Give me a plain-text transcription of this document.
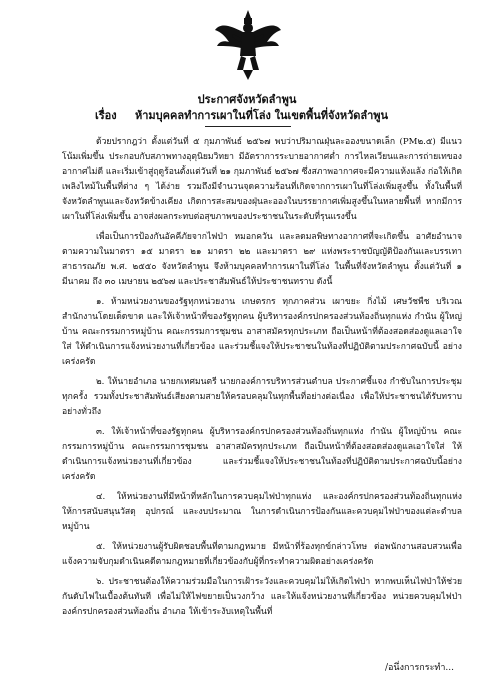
ประกาศจังหวัดลำพูน
เรื่อง ห้ามบุคคลทำการเผาในที่โล่ง ในเขตพื้นที่จังหวัดลำพูน

ด้วยปรากฎว่า ตั้งแต่วันที่ ๕ กุมภาพันธ์ ๒๕๖๗ พบว่าปริมาณฝุ่นละอองขนาดเล็ก (PM๒.๕) มีแนวโน้มเพิ่มขึ้น ประกอบกับสภาพทางอุตุนิยมวิทยา มีอัตราการระบายอากาศต่ำ การไหลเวียนและการถ่ายเทของอากาศไม่ดี และเริ่มเข้าสู่ฤดูร้อนตั้งแต่วันที่ ๒๑ กุมภาพันธ์ ๒๕๖๗ ซึ่งสภาพอากาศจะมีความแห้งแล้ง ก่อให้เกิดเพลิงไหม้ในพื้นที่ต่าง ๆ ได้ง่าย รวมถึงมีจำนวนจุดความร้อนที่เกิดจากการเผาในที่โล่งเพิ่มสูงขึ้น ทั้งในพื้นที่จังหวัดลำพูนและจังหวัดข้างเคียง เกิดการสะสมของฝุ่นละอองในบรรยากาศเพิ่มสูงขึ้นในหลายพื้นที่ หากมีการเผาในที่โล่งเพิ่มขึ้น อาจส่งผลกระทบต่อสุขภาพของประชาชนในระดับที่รุนแรงขึ้น

เพื่อเป็นการป้องกันอัคคีภัยจากไฟป่า หมอกควัน และลดมลพิษทางอากาศที่จะเกิดขึ้น อาศัยอำนาจตามความในมาตรา ๑๕ มาตรา ๒๑ มาตรา ๒๒ และมาตรา ๒๙ แห่งพระราชบัญญัติป้องกันและบรรเทาสาธารณภัย พ.ศ. ๒๕๕๐ จังหวัดลำพูน จึงห้ามบุคคลทำการเผาในที่โล่ง ในพื้นที่จังหวัดลำพูน ตั้งแต่วันที่ ๑ มีนาคม ถึง ๓๐ เมษายน ๒๕๖๗ และประชาสัมพันธ์ให้ประชาชนทราบ ดังนี้

๑. ห้ามหน่วยงานของรัฐทุกหน่วยงาน เกษตรกร ทุกภาคส่วน เผาขยะ กิ่งไม้ เศษวัชพืช บริเวณสำนักงานโดยเด็ดขาด และให้เจ้าหน้าที่ของรัฐทุกคน ผู้บริหารองค์กรปกครองส่วนท้องถิ่นทุกแห่ง กำนัน ผู้ใหญ่บ้าน คณะกรรมการหมู่บ้าน คณะกรรมการชุมชน อาสาสมัครทุกประเภท ถือเป็นหน้าที่ต้องสอดส่องดูแลเอาใจใส่ ให้ดำเนินการแจ้งหน่วยงานที่เกี่ยวข้อง และร่วมชี้แจงให้ประชาชนในท้องที่ปฏิบัติตามประกาศฉบับนี้ อย่างเคร่งครัด

๒. ให้นายอำเภอ นายกเทศมนตรี นายกองค์การบริหารส่วนตำบล ประกาศชี้แจง กำชับในการประชุมทุกครั้ง รวมทั้งประชาสัมพันธ์เสียงตามสายให้ครอบคลุมในทุกพื้นที่อย่างต่อเนื่อง เพื่อให้ประชาชนได้รับทราบอย่างทั่วถึง

๓. ให้เจ้าหน้าที่ของรัฐทุกคน ผู้บริหารองค์กรปกครองส่วนท้องถิ่นทุกแห่ง กำนัน ผู้ใหญ่บ้าน คณะกรรมการหมู่บ้าน คณะกรรมการชุมชน อาสาสมัครทุกประเภท ถือเป็นหน้าที่ต้องสอดส่องดูแลเอาใจใส่ ให้ดำเนินการแจ้งหน่วยงานที่เกี่ยวข้อง และร่วมชี้แจงให้ประชาชนในท้องที่ปฏิบัติตามประกาศฉบับนี้อย่างเคร่งครัด

๔. ให้หน่วยงานที่มีหน้าที่หลักในการควบคุมไฟป่าทุกแห่ง และองค์กรปกครองส่วนท้องถิ่นทุกแห่ง ให้การสนับสนุนวัสดุ อุปกรณ์ และงบประมาณ ในการดำเนินการป้องกันและควบคุมไฟป่าของแต่ละตำบลหมู่บ้าน

๕. ให้หน่วยงานผู้รับผิดชอบพื้นที่ตามกฎหมาย มีหน้าที่ร้องทุกข์กล่าวโทษ ต่อพนักงานสอบสวนเพื่อแจ้งความจับกุมดำเนินคดีตามกฎหมายที่เกี่ยวข้องกับผู้ที่กระทำความผิดอย่างเคร่งครัด

๖. ประชาชนต้องให้ความร่วมมือในการเฝ้าระวังและควบคุมไม่ให้เกิดไฟป่า หากพบเห็นไฟป่าให้ช่วยกันดับไฟในเบื้องต้นทันที เพื่อไม่ให้ไฟขยายเป็นวงกว้าง และให้แจ้งหน่วยงานที่เกี่ยวข้อง หน่วยควบคุมไฟป่า องค์กรปกครองส่วนท้องถิ่น อำเภอ ให้เข้าระงับเหตุในพื้นที่

/อนึ่งการกระทำ...
